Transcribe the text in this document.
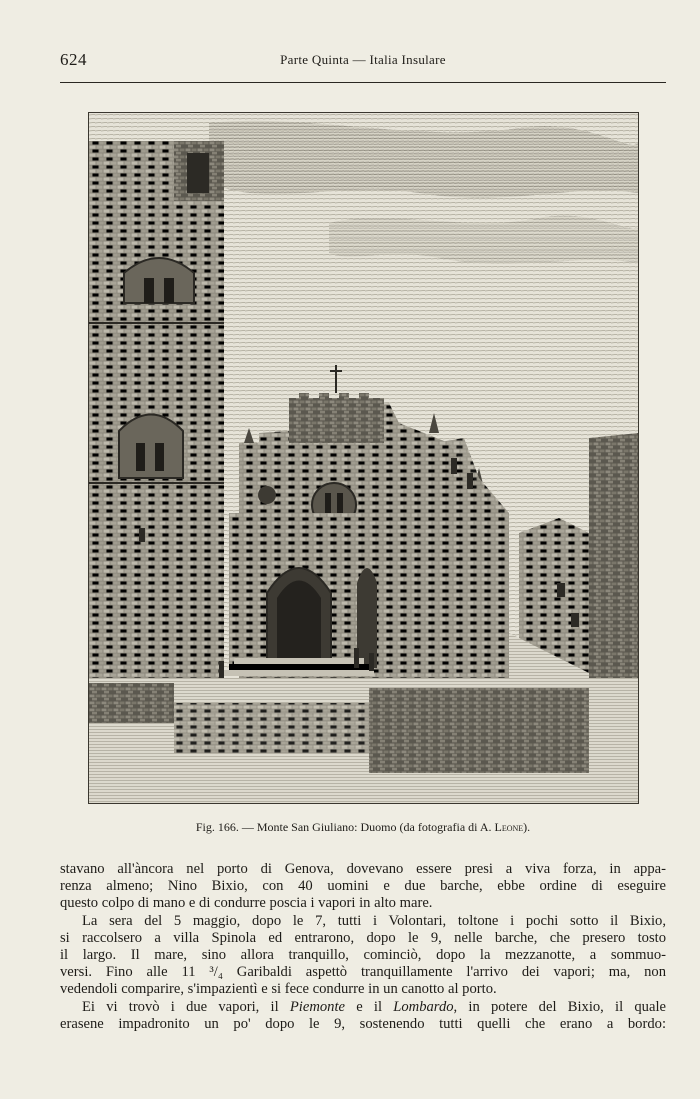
624	Parte Quinta — Italia Insulare
Fig. 166. — Monte San Giuliano: Duomo (da fotografia di A. Leone).

stavano all'àncora nel porto di Genova, dovevano essere presi a viva forza, in appa-
renza almeno; Nino Bixio, con 40 uomini e due barche, ebbe ordine di eseguire
questo colpo di mano e di condurre poscia i vapori in alto mare.

La sera del 5 maggio, dopo le 7, tutti i Volontari, toltone i pochi sotto il Bixio,
si raccolsero a villa Spinola ed entrarono, dopo le 9, nelle barche, che presero tosto
il largo. Il mare, sino allora tranquillo, cominciò, dopo la mezzanotte, a sommuo-
versi. Fino alle 11 ³/₄ Garibaldi aspettò tranquillamente l'arrivo dei vapori; ma, non
vedendoli comparire, s'impazientì e si fece condurre in un canotto al porto.

Ei vi trovò i due vapori, il Piemonte e il Lombardo, in potere del Bixio, il quale
erasene impadronito un po' dopo le 9, sostenendo tutti quelli che erano a bordo:
